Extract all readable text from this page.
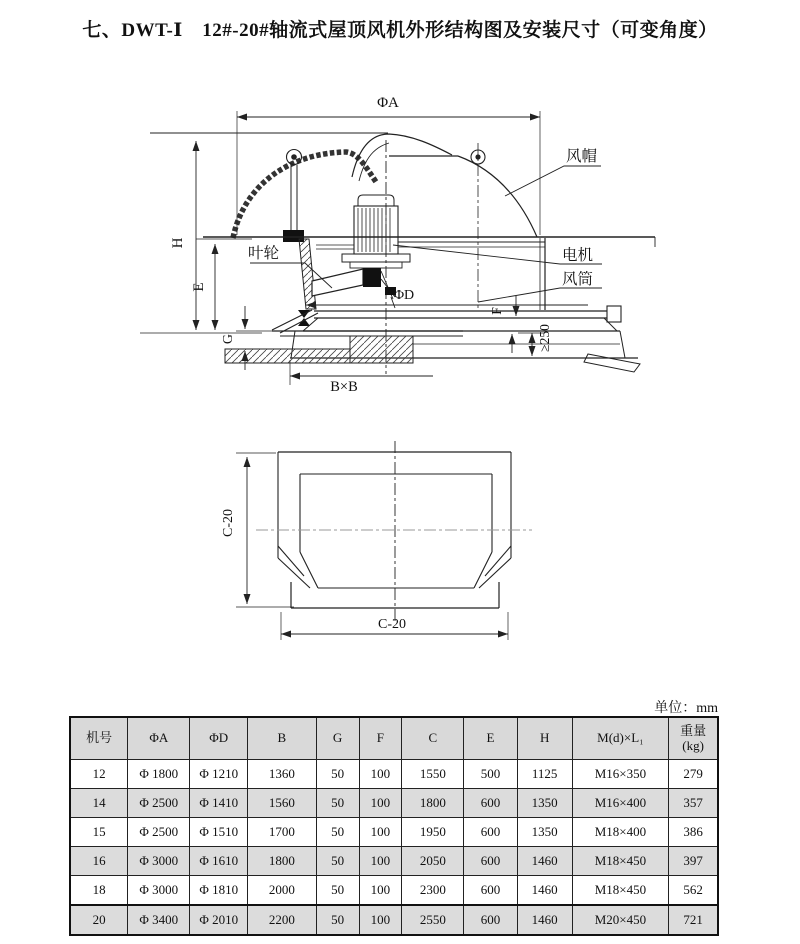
七、DWT-Ⅰ　12#-20#轴流式屋顶风机外形结构图及安装尺寸（可变角度）
ΦA
H
E
G
ΦD
F
≥250
B×B
风帽
电机
风筒
叶轮
C-20
C-20
单位：mm
机号	ΦA	ΦD	B	G	F	C	E	H	M(d)×L₁	重量
(kg)
12	Φ 1800	Φ 1210	1360	50	100	1550	500	1125	M16×350	279
14	Φ 2500	Φ 1410	1560	50	100	1800	600	1350	M16×400	357
15	Φ 2500	Φ 1510	1700	50	100	1950	600	1350	M18×400	386
16	Φ 3000	Φ 1610	1800	50	100	2050	600	1460	M18×450	397
18	Φ 3000	Φ 1810	2000	50	100	2300	600	1460	M18×450	562
20	Φ 3400	Φ 2010	2200	50	100	2550	600	1460	M20×450	721
